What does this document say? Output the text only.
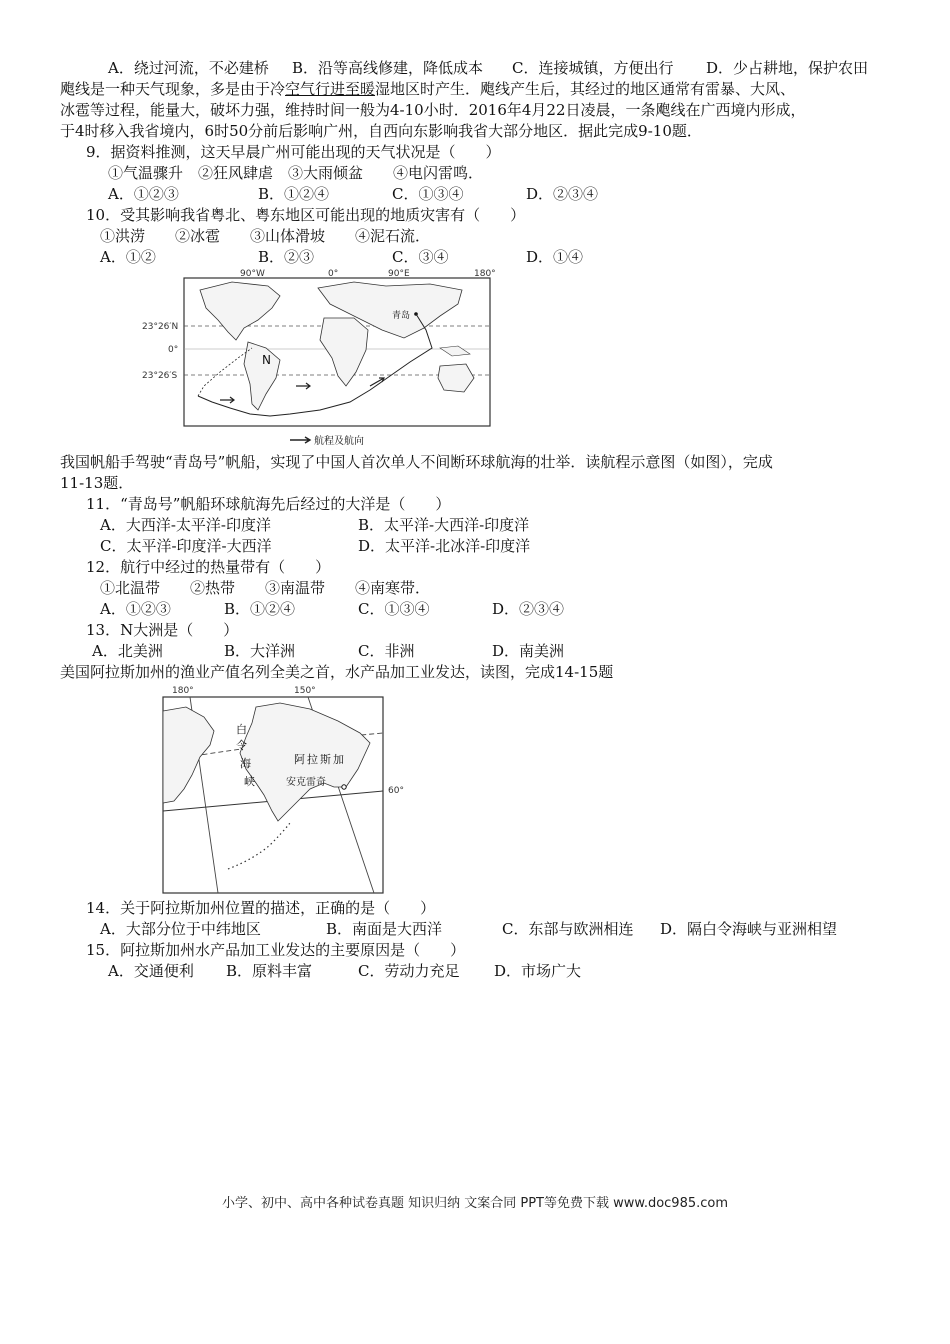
A．绕过河流，不必建桥 B．沿等高线修建，降低成本 C．连接城镇，方便出行 D．少占耕地，保护农田
飑线是一种天气现象，多是由于冷空气行进至暖湿地区时产生．飑线产生后，其经过的地区通常有雷暴、大风、
冰雹等过程，能量大，破坏力强，维持时间一般为4-10小时．2016年4月22日凌晨，一条飑线在广西境内形成，
于4时移入我省境内，6时50分前后影响广州，自西向东影响我省大部分地区．据此完成9-10题．
9．据资料推测，这天早晨广州可能出现的天气状况是（　　）
①气温骤升　②狂风肆虐　③大雨倾盆　　④电闪雷鸣．
A．①②③	B．①②④	C．①③④	D．②③④
10．受其影响我省粤北、粤东地区可能出现的地质灾害有（　　）
①洪涝　　②冰雹　　③山体滑坡　　④泥石流．
A．①②	B．②③	C．③④	D．①④
90°W	0°	90°E	180°
23°26′N
0°
23°26′S
N
青岛
航程及航向
我国帆船手驾驶“青岛号”帆船，实现了中国人首次单人不间断环球航海的壮举．读航程示意图（如图），完成
11-13题．
11．“青岛号”帆船环球航海先后经过的大洋是（　　）
A．大西洋-太平洋-印度洋	B．太平洋-大西洋-印度洋
C．太平洋-印度洋-大西洋	D．太平洋-北冰洋-印度洋
12．航行中经过的热量带有（　　）
①北温带　　②热带　　③南温带　　④南寒带．
A．①②③	B．①②④	C．①③④	D．②③④
13．N大洲是（　　）
A．北美洲	B．大洋洲	C．非洲	D．南美洲
美国阿拉斯加州的渔业产值名列全美之首，水产品加工业发达，读图，完成14-15题
180°	150°
60°
白
令
海
峡
阿拉斯加
安克雷奇
14．关于阿拉斯加州位置的描述，正确的是（　　）
A．大部分位于中纬地区	B．南面是大西洋	C．东部与欧洲相连 D．隔白令海峡与亚洲相望
15．阿拉斯加州水产品加工业发达的主要原因是（　　）
A．交通便利 B．原料丰富	C．劳动力充足 D．市场广大
小学、初中、高中各种试卷真题 知识归纳 文案合同 PPT等免费下载 www.doc985.com
